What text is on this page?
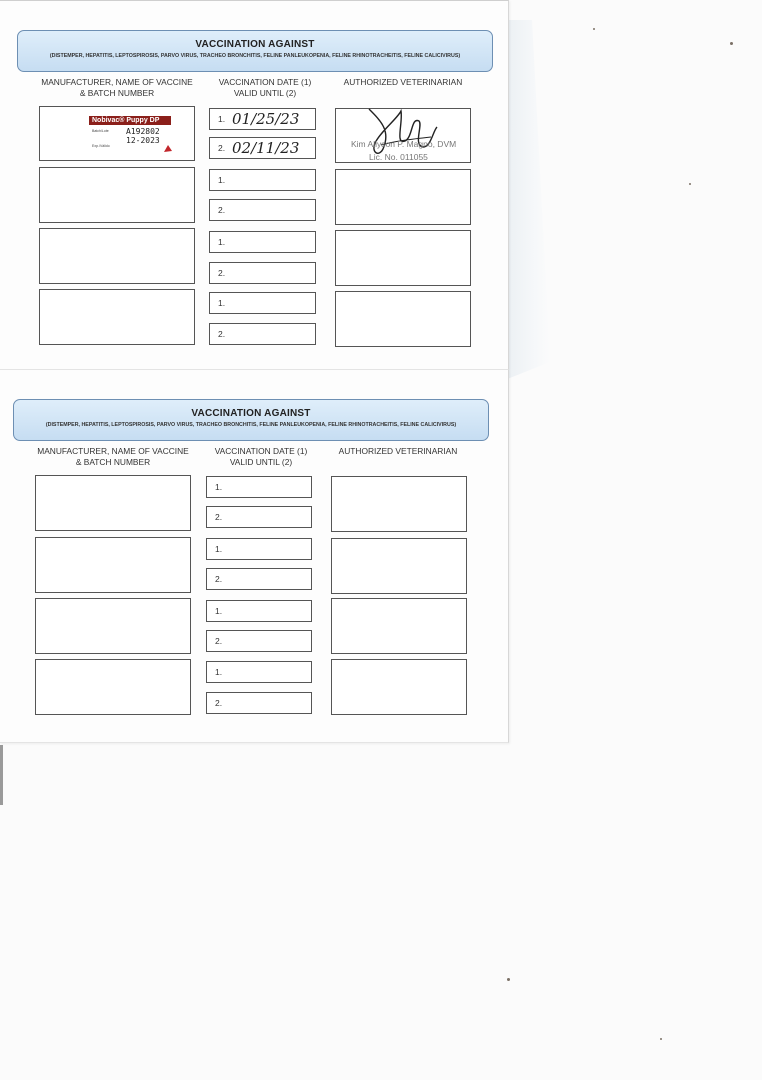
VACCINATION AGAINST
(DISTEMPER, HEPATITIS, LEPTOSPIROSIS, PARVO VIRUS, TRACHEO BRONCHITIS, FELINE PANLEUKOPENIA, FELINE RHINOTRACHEITIS, FELINE CALICIVIRUS)
MANUFACTURER, NAME OF VACCINE
& BATCH NUMBER
VACCINATION DATE (1)
VALID UNTIL (2)
AUTHORIZED VETERINARIAN
Nobivac® Puppy DP
Batch/Lote A192802
Exp./Válido
12-2023
1. 01/25/23
2. 02/11/23	Kim Allyson P. Magno, DVM
Lic. No. 011055
1.
2.
1.
2.
1.
2.
VACCINATION AGAINST
(DISTEMPER, HEPATITIS, LEPTOSPIROSIS, PARVO VIRUS, TRACHEO BRONCHITIS, FELINE PANLEUKOPENIA, FELINE RHINOTRACHEITIS, FELINE CALICIVIRUS)
MANUFACTURER, NAME OF VACCINE
& BATCH NUMBER
VACCINATION DATE (1)
VALID UNTIL (2)
AUTHORIZED VETERINARIAN
1.
2.
1.
2.
1.
2.
1.
2.
